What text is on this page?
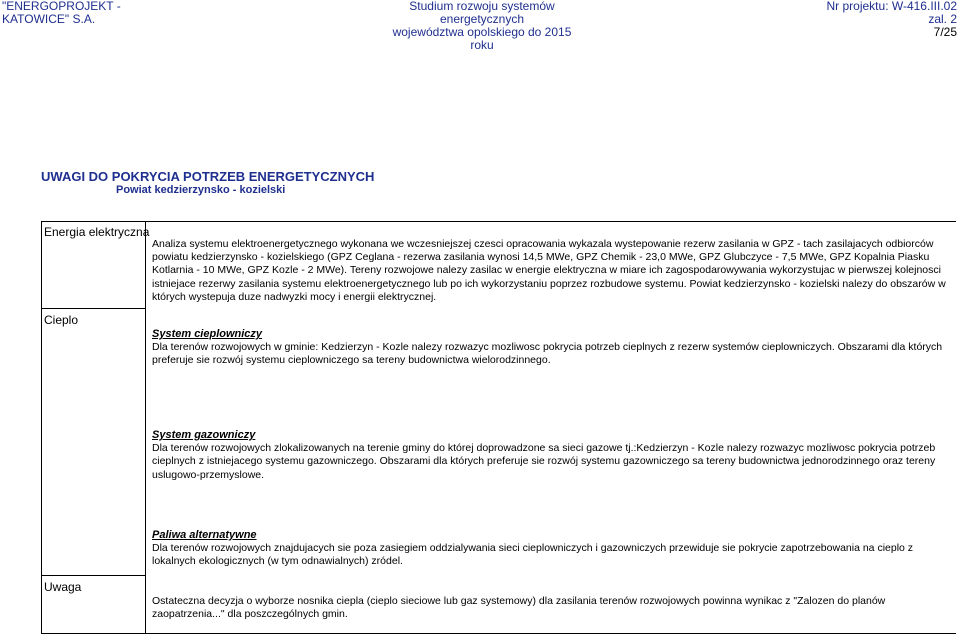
"ENERGOPROJEKT -
KATOWICE" S.A.
Studium rozwoju systemów energetycznych
województwa opolskiego do 2015 roku
Nr projektu: W-416.III.02
zal. 2
7/25
UWAGI DO POKRYCIA POTRZEB ENERGETYCZNYCH
Powiat kedzierzynsko - kozielski
Energia elektryczna
Cieplo
Uwaga
Analiza systemu elektroenergetycznego wykonana we wczesniejszej czesci opracowania wykazala wystepowanie rezerw zasilania w GPZ - tach zasilajacych odbiorców powiatu kedzierzynsko - kozielskiego (GPZ Ceglana - rezerwa zasilania wynosi 14,5 MWe, GPZ Chemik - 23,0 MWe, GPZ Glubczyce - 7,5 MWe, GPZ Kopalnia Piasku Kotlarnia - 10 MWe, GPZ Kozle - 2 MWe). Tereny rozwojowe nalezy zasilac w energie elektryczna w miare ich zagospodarowywania wykorzystujac w pierwszej kolejnosci istniejace rezerwy zasilania systemu elektroenergetycznego lub po ich wykorzystaniu poprzez rozbudowe systemu. Powiat kedzierzynsko - kozielski nalezy do obszarów w których wystepuja duze nadwyzki mocy i energii elektrycznej.
System cieplowniczy
Dla terenów rozwojowych w gminie: Kedzierzyn - Kozle nalezy rozwazyc mozliwosc pokrycia potrzeb cieplnych z rezerw systemów cieplowniczych. Obszarami dla których preferuje sie rozwój systemu cieplowniczego sa tereny budownictwa wielorodzinnego.
System gazowniczy
Dla terenów rozwojowych zlokalizowanych na terenie gminy do której doprowadzone sa sieci gazowe tj.:Kedzierzyn - Kozle nalezy rozwazyc mozliwosc pokrycia potrzeb cieplnych z istniejacego systemu gazowniczego. Obszarami dla których preferuje sie rozwój systemu gazowniczego sa tereny budownictwa jednorodzinnego oraz tereny uslugowo-przemyslowe.
Paliwa alternatywne
Dla terenów rozwojowych znajdujacych sie poza zasiegiem oddzialywania sieci cieplowniczych i gazowniczych przewiduje sie pokrycie zapotrzebowania na cieplo z lokalnych ekologicznych (w tym odnawialnych) zródel.
Ostateczna decyzja o wyborze nosnika ciepla (cieplo sieciowe lub gaz systemowy) dla zasilania terenów rozwojowych powinna wynikac z "Zalozen do planów zaopatrzenia..." dla poszczególnych gmin.
